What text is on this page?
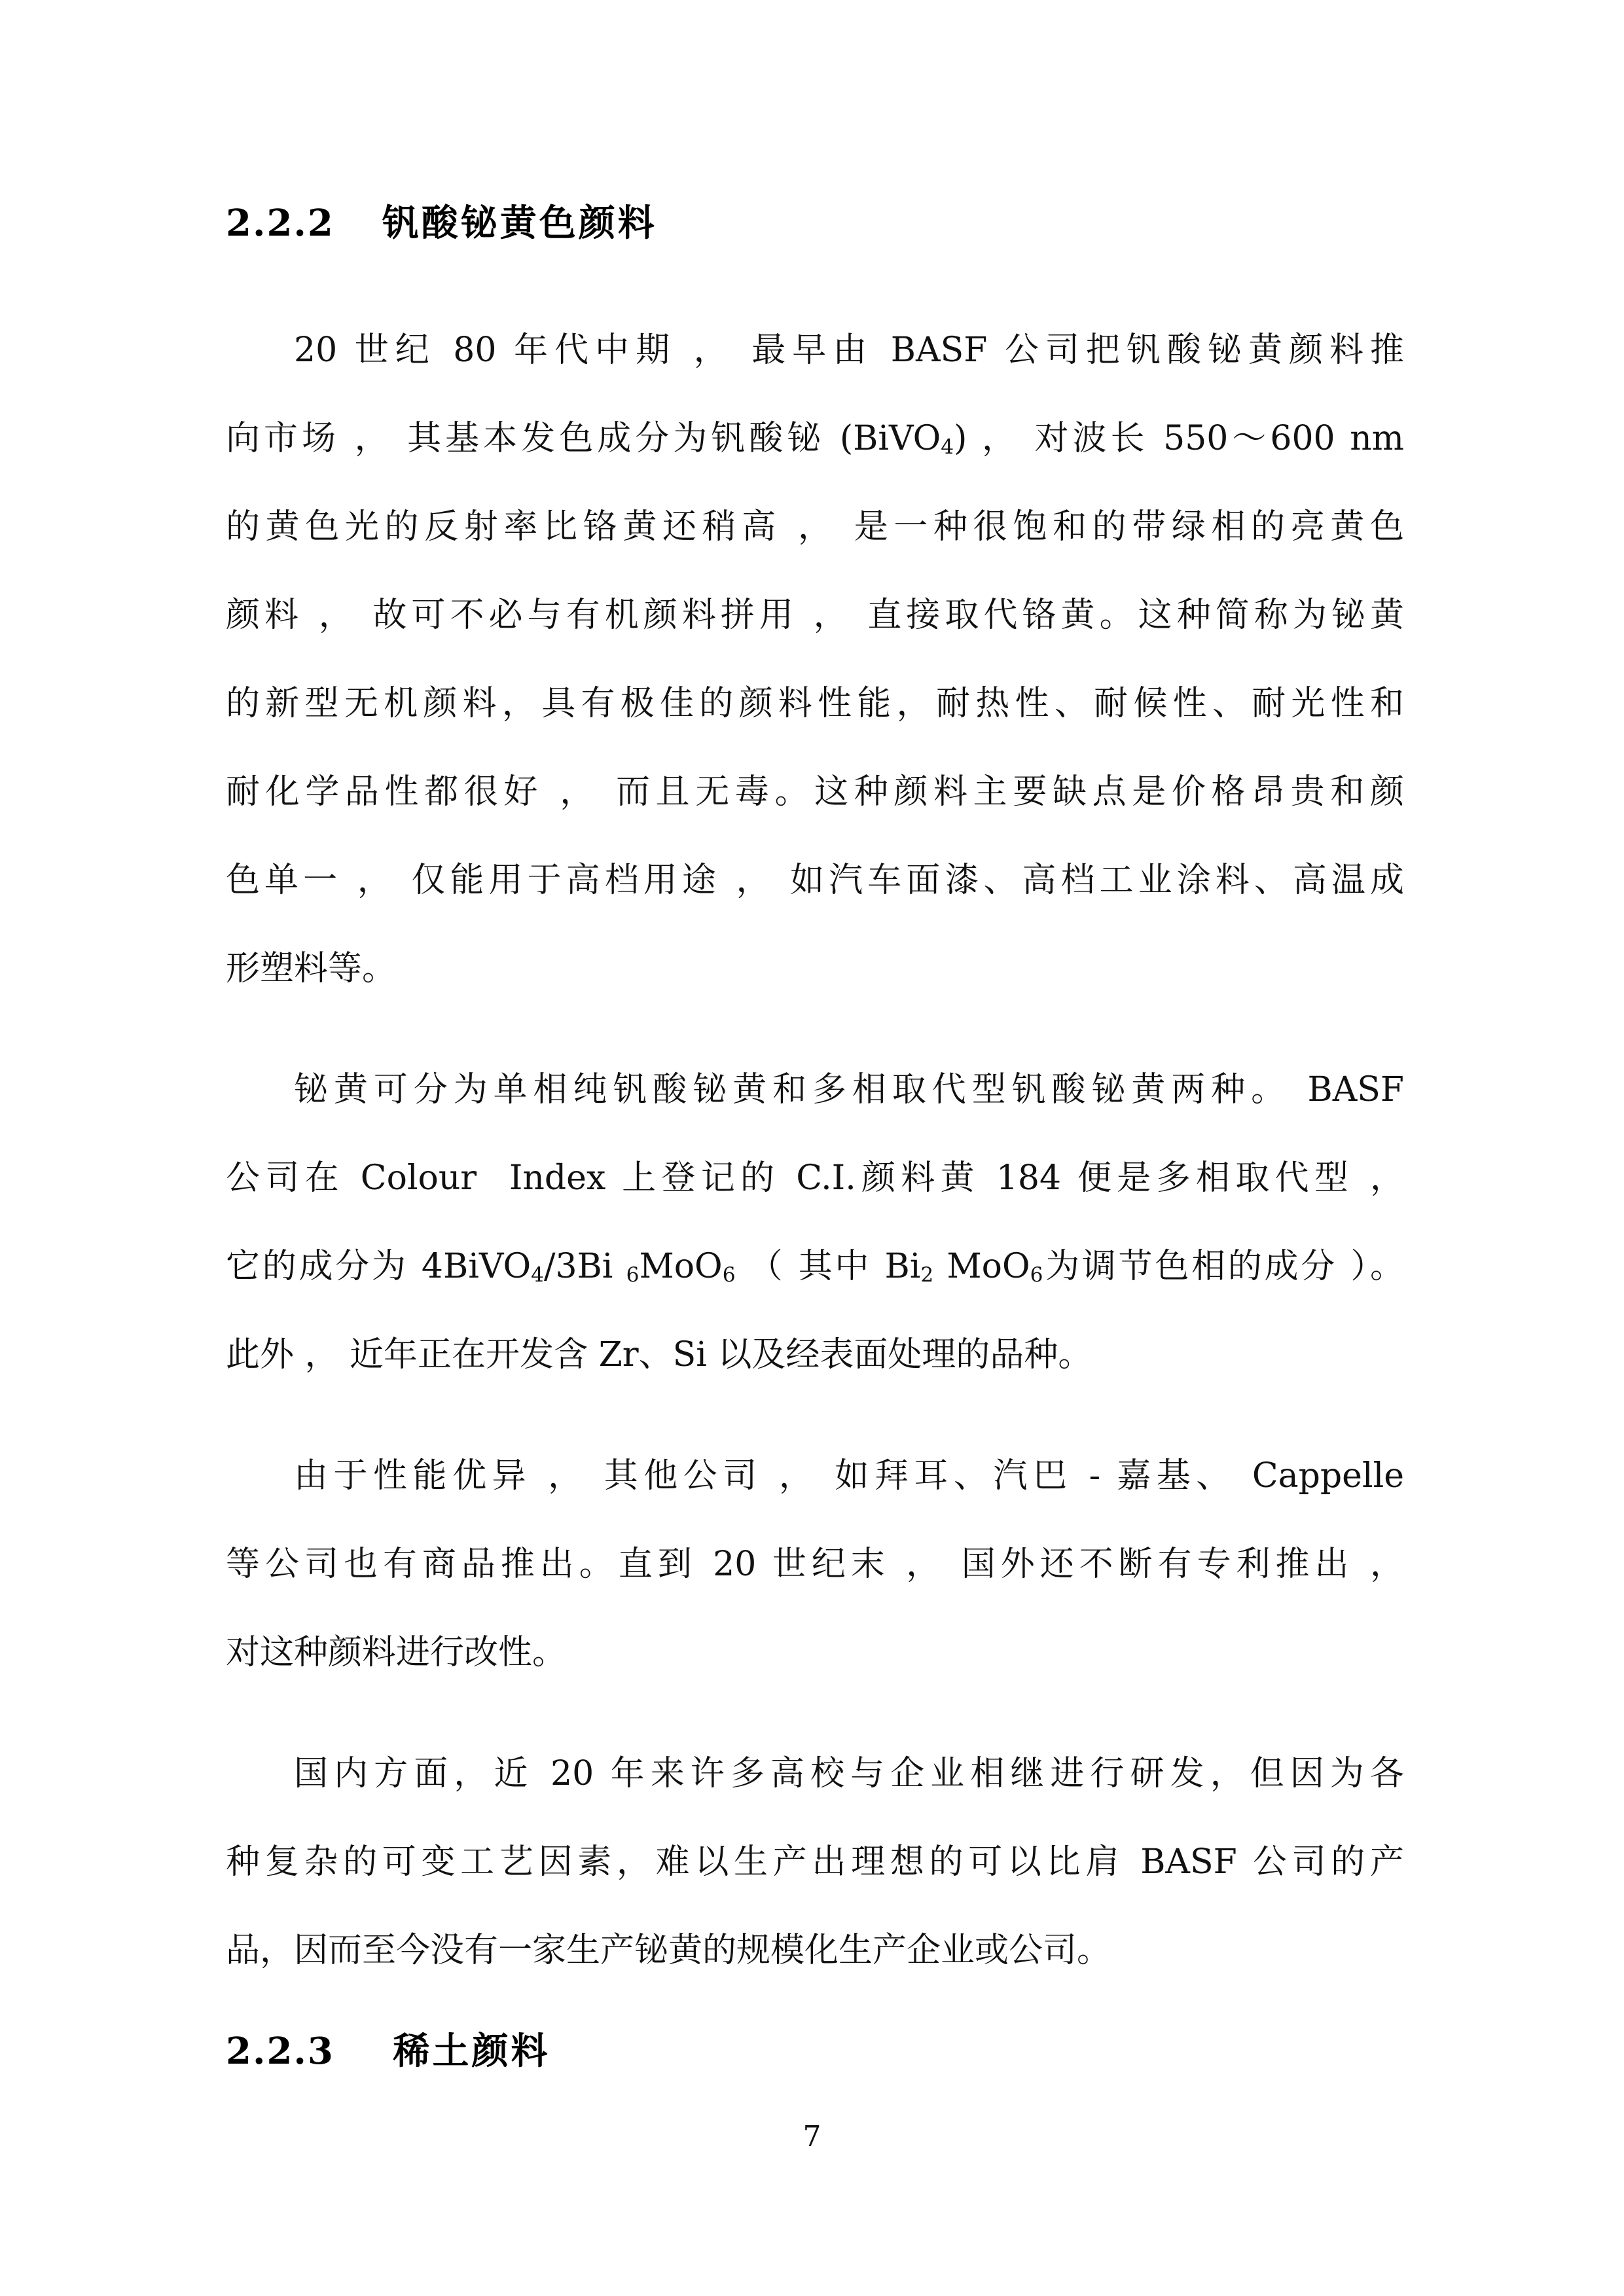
2.2.2 钒酸铋黄色颜料
20 世纪 80 年代中期 ， 最早由 BASF 公司把钒酸铋黄颜料推
向市场 ， 其基本发色成分为钒酸铋 (BiVO$_4$) ， 对波长 550～600 nm
的黄色光的反射率比铬黄还稍高 ， 是一种很饱和的带绿相的亮黄色
颜料 ， 故可不必与有机颜料拼用 ， 直接取代铬黄。这种简称为铋黄
的新型无机颜料，具有极佳的颜料性能，耐热性、耐候性、耐光性和
耐化学品性都很好 ， 而且无毒。这种颜料主要缺点是价格昂贵和颜
色单一 ， 仅能用于高档用途 ， 如汽车面漆、高档工业涂料、高温成
形塑料等。
铋黄可分为单相纯钒酸铋黄和多相取代型钒酸铋黄两种。 BASF
公司在 Colour  Index 上登记的 C.I.颜料黄 184 便是多相取代型 ，
它的成分为 4BiVO$_4$/3Bi $_6$MoO$_6$ （ 其中 $Bi_2$ MoO$_6$为调节色相的成分 ）。
此外 ， 近年正在开发含 Zr、Si 以及经表面处理的品种。
由于性能优异 ， 其他公司 ， 如拜耳、汽巴 - 嘉基、 Cappelle
等公司也有商品推出。直到 20 世纪末 ， 国外还不断有专利推出 ，
对这种颜料进行改性。
国内方面，近 20 年来许多高校与企业相继进行研发，但因为各
种复杂的可变工艺因素，难以生产出理想的可以比肩 BASF 公司的产
品，因而至今没有一家生产铋黄的规模化生产企业或公司。
2.2.3 稀土颜料
7
